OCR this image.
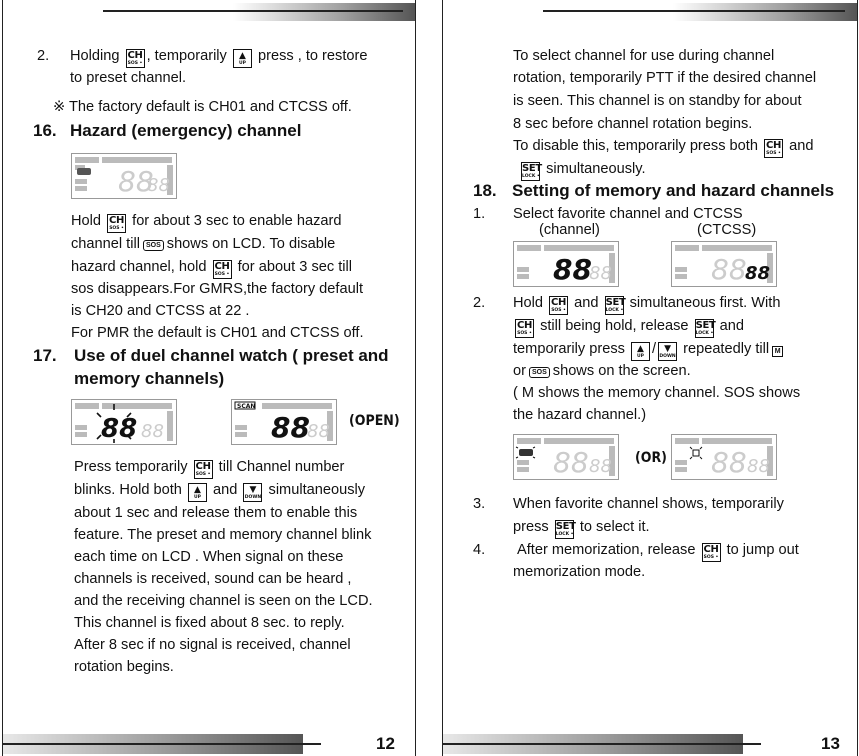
2. Holding CH
SOS • , temporarily	▲
UP press , to restore
to preset channel.
※ The factory default is CH01 and CTCSS off.
16. Hazard (emergency) channel
88
88
Hold CH
SOS • for about 3 sec to enable hazard
channel till SOS shows on LCD. To disable
hazard channel, hold CH
SOS • for about 3 sec till
sos disappears.For GMRS,the factory default
is CH20 and CTCSS at 22 .
For PMR the default is CH01 and CTCSS off.
17. Use of duel channel watch ( preset and
memory channels)
88 88
SCAN
88
88 (OPEN)
Press temporarily CH
SOS • till Channel number
blinks. Hold both	▲
UP and	▼
DOWN simultaneously
about 1 sec and release them to enable this
feature. The preset and memory channel blink
each time on LCD . When signal on these
channels is received, sound can be heard ,
and the receiving channel is seen on the LCD.
This channel is fixed about 8 sec. to reply.
After 8 sec if no signal is received, channel
rotation begins.
12
To select channel for use during channel
rotation, temporarily PTT if the desired channel
is seen. This channel is on standby for about
8 sec before channel rotation begins.
To disable this, temporarily press both CH
SOS • and
SET
LOCK • simultaneously.
18. Setting of memory and hazard channels
1. Select favorite channel and CTCSS
(channel)	(CTCSS)
88
88	88
88
2. Hold CH
SOS • and SET
LOCK • simultaneous first. With
CH
SOS • still being hold, release SET
LOCK • and
temporarily press	▲
UP / ▼
DOWN repeatedly till M
or SOS shows on the screen.
( M shows the memory channel. SOS shows
the hazard channel.)
88 88 (OR) 88 88
3. When favorite channel shows, temporarily
press SET
LOCK • to select it.
4. After memorization, release CH
SOS • to jump out
memorization mode.
13
